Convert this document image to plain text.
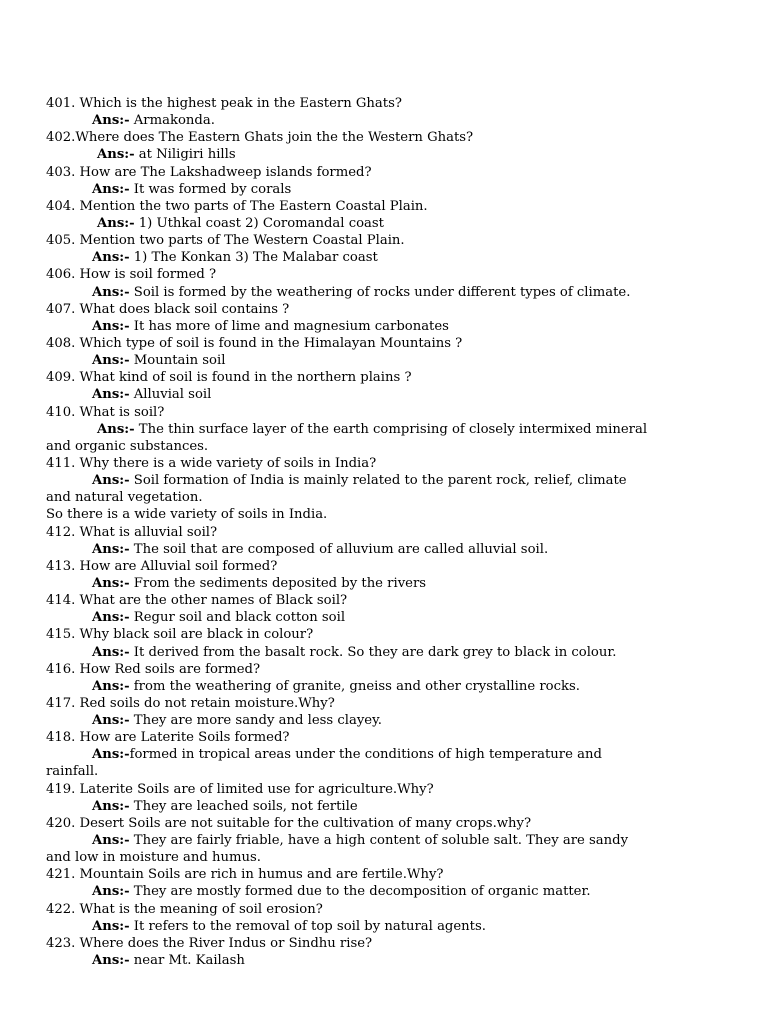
401. Which is the highest peak in the Eastern Ghats?
Ans:- Armakonda.
402.Where does The Eastern Ghats join the the Western Ghats?
Ans:- at Niligiri hills
403. How are The Lakshadweep islands formed?
Ans:- It was formed by corals
404. Mention the two parts of The Eastern Coastal Plain.
Ans:- 1) Uthkal coast 2) Coromandal coast
405. Mention two parts of The Western Coastal Plain.
Ans:- 1) The Konkan 3) The Malabar coast
406. How is soil formed ?
Ans:- Soil is formed by the weathering of rocks under different types of climate.
407. What does black soil contains ?
Ans:- It has more of lime and magnesium carbonates
408. Which type of soil is found in the Himalayan Mountains ?
Ans:- Mountain soil
409. What kind of soil is found in the northern plains ?
Ans:- Alluvial soil
410. What is soil?
Ans:- The thin surface layer of the earth comprising of closely intermixed mineral
and organic substances.
411. Why there is a wide variety of soils in India?
Ans:- Soil formation of India is mainly related to the parent rock, relief, climate
and natural vegetation.
So there is a wide variety of soils in India.
412. What is alluvial soil?
Ans:- The soil that are composed of alluvium are called alluvial soil.
413. How are Alluvial soil formed?
Ans:- From the sediments deposited by the rivers
414. What are the other names of Black soil?
Ans:- Regur soil and black cotton soil
415. Why black soil are black in colour?
Ans:- It derived from the basalt rock. So they are dark grey to black in colour.
416. How Red soils are formed?
Ans:- from the weathering of granite, gneiss and other crystalline rocks.
417. Red soils do not retain moisture.Why?
Ans:- They are more sandy and less clayey.
418. How are Laterite Soils formed?
Ans:-formed in tropical areas under the conditions of high temperature and
rainfall.
419. Laterite Soils are of limited use for agriculture.Why?
Ans:- They are leached soils, not fertile
420. Desert Soils are not suitable for the cultivation of many crops.why?
Ans:- They are fairly friable, have a high content of soluble salt. They are sandy
and low in moisture and humus.
421. Mountain Soils are rich in humus and are fertile.Why?
Ans:- They are mostly formed due to the decomposition of organic matter.
422. What is the meaning of soil erosion?
Ans:- It refers to the removal of top soil by natural agents.
423. Where does the River Indus or Sindhu rise?
Ans:- near Mt. Kailash
